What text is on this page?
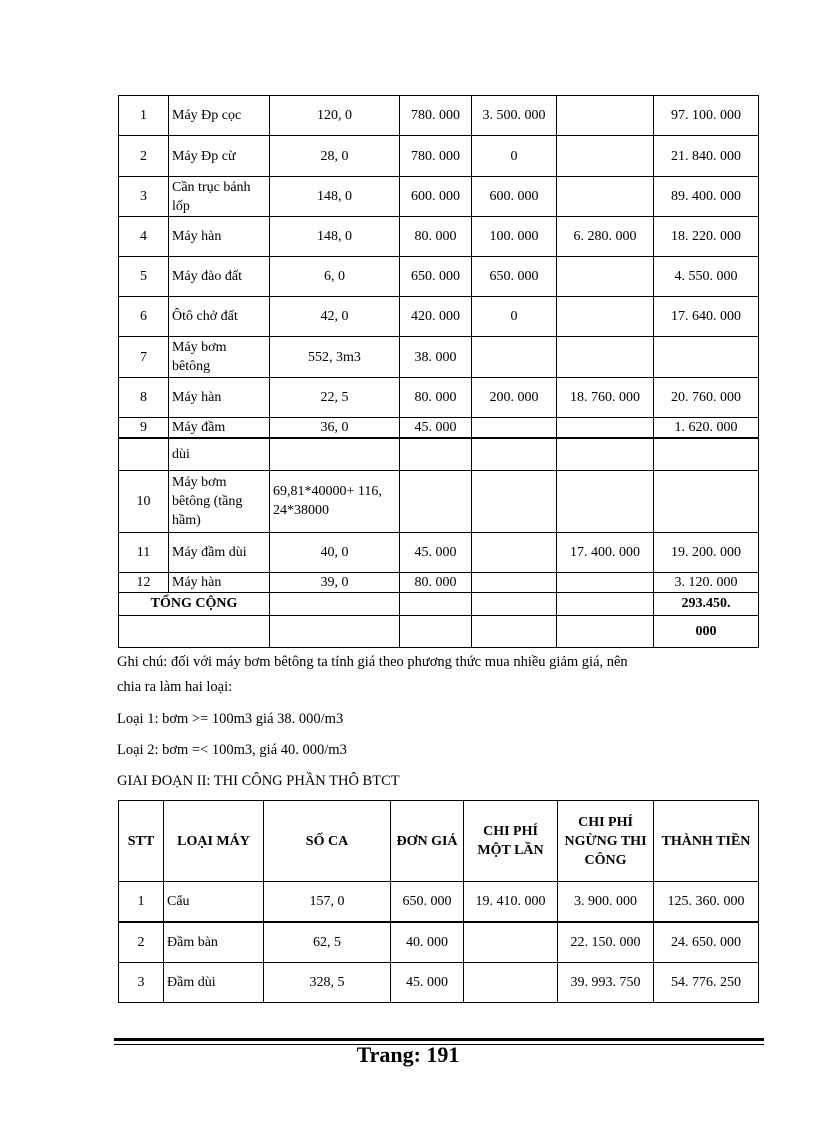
1	Máy Đp cọc	120, 0	780. 000	3. 500. 000		97. 100. 000
2	Máy Đp cừ	28, 0	780. 000	0		21. 840. 000
3	Cần trục bánh lốp	148, 0	600. 000	600. 000		89. 400. 000
4	Máy hàn	148, 0	80. 000	100. 000	6. 280. 000	18. 220. 000
5	Máy đào đất	6, 0	650. 000	650. 000		4. 550. 000
6	Ôtô chở đất	42, 0	420. 000	0		17. 640. 000
7	Máy bơm bêtông	552, 3m3	38. 000			
8	Máy hàn	22, 5	80. 000	200. 000	18. 760. 000	20. 760. 000
9	Máy đầm	36, 0	45. 000			1. 620. 000
	dùi					
10	Máy bơm bêtông (tầng hầm)	69,81*40000+ 116, 24*38000				
11	Máy đầm dùi	40, 0	45. 000		17. 400. 000	19. 200. 000
12	Máy hàn	39, 0	80. 000			3. 120. 000
TỔNG CỘNG						293.450.
						000
Ghi chú: đối với máy bơm bêtông ta tính giá theo phương thức mua nhiều giảm giá, nên
chia ra làm hai loại:
Loại 1: bơm >= 100m3 giá 38. 000/m3
Loại 2: bơm =< 100m3, giá 40. 000/m3
GIAI ĐOẠN II: THI CÔNG PHẦN THÔ BTCT
STT	LOẠI MÁY	SỐ CA	ĐƠN GIÁ	CHI PHÍ MỘT LẦN	CHI PHÍ NGỪNG THI CÔNG	THÀNH TIỀN
1	Cẩu	157, 0	650. 000	19. 410. 000	3. 900. 000	125. 360. 000
2	Đầm bàn	62, 5	40. 000		22. 150. 000	24. 650. 000
3	Đầm dùi	328, 5	45. 000		39. 993. 750	54. 776. 250
Trang: 191
